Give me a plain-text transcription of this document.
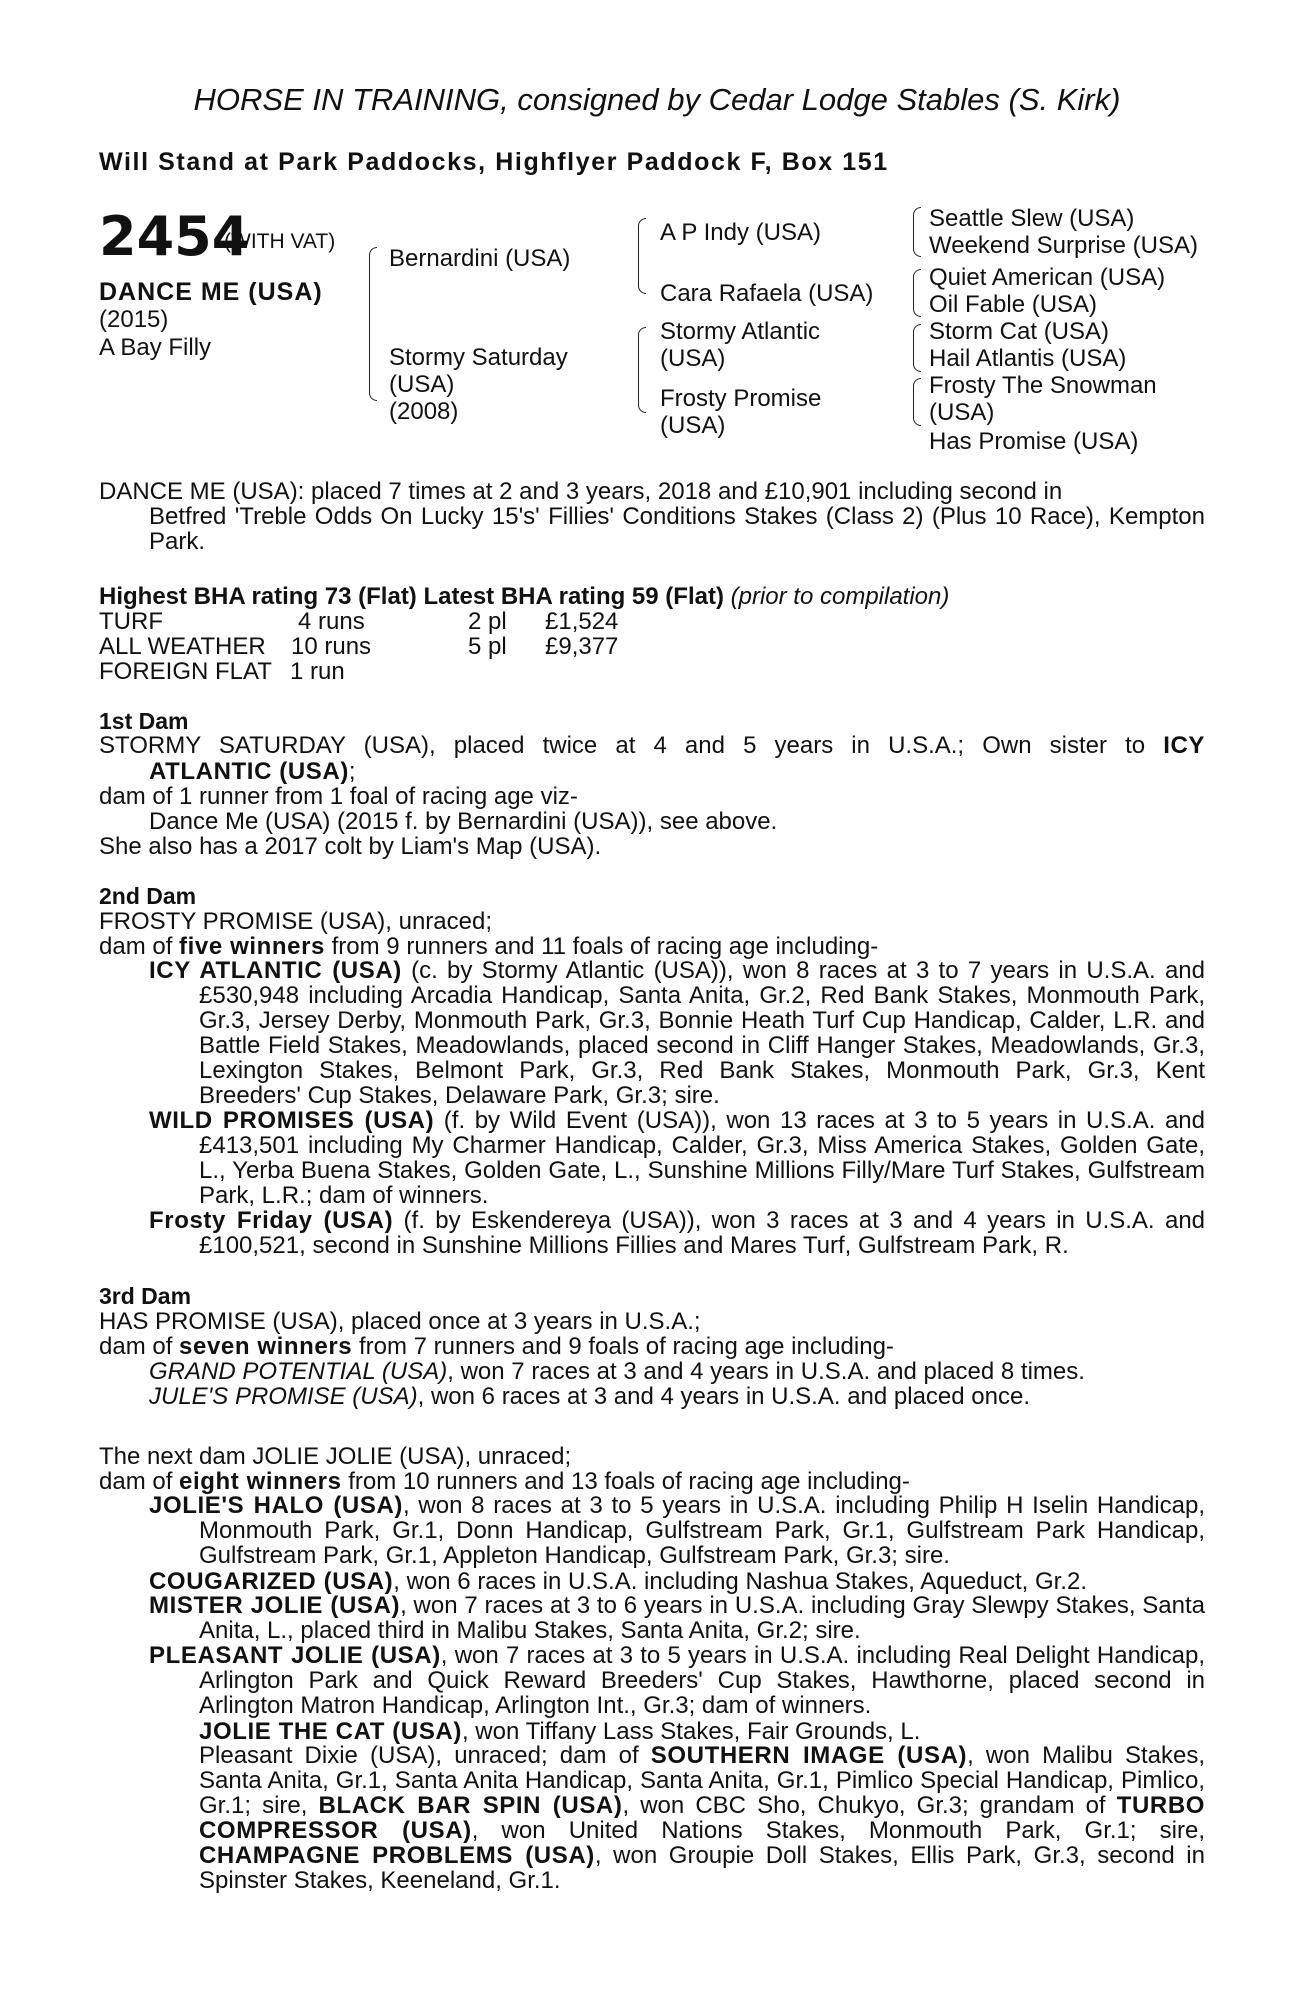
HORSE IN TRAINING, consigned by Cedar Lodge Stables (S. Kirk)
Will Stand at Park Paddocks, Highflyer Paddock F, Box 151
2454
(WITH VAT)
DANCE ME (USA)
(2015)
A Bay Filly
Bernardini (USA)
Stormy Saturday
(USA)
(2008)
A P Indy (USA)
Cara Rafaela (USA)
Stormy Atlantic
(USA)
Frosty Promise
(USA)
Seattle Slew (USA)
Weekend Surprise (USA)
Quiet American (USA)
Oil Fable (USA)
Storm Cat (USA)
Hail Atlantis (USA)
Frosty The Snowman
(USA)
Has Promise (USA)
DANCE ME (USA): placed 7 times at 2 and 3 years, 2018 and £10,901 including second in
Betfred 'Treble Odds On Lucky 15's' Fillies' Conditions Stakes (Class 2) (Plus 10 Race), Kempton Park.
Highest BHA rating 73 (Flat) Latest BHA rating 59 (Flat) (prior to compilation)
TURF	4 runs	2 pl £1,524
ALL WEATHER 10 runs	5 pl £9,377
FOREIGN FLAT 1 run
1st Dam
STORMY SATURDAY (USA), placed twice at 4 and 5 years in U.S.A.; Own sister to ICY
ATLANTIC (USA);
dam of 1 runner from 1 foal of racing age viz-
Dance Me (USA) (2015 f. by Bernardini (USA)), see above.
She also has a 2017 colt by Liam's Map (USA).
2nd Dam
FROSTY PROMISE (USA), unraced;
dam of five winners from 9 runners and 11 foals of racing age including-
ICY ATLANTIC (USA) (c. by Stormy Atlantic (USA)), won 8 races at 3 to 7 years in U.S.A. and £530,948 including Arcadia Handicap, Santa Anita, Gr.2, Red Bank Stakes, Monmouth Park, Gr.3, Jersey Derby, Monmouth Park, Gr.3, Bonnie Heath Turf Cup Handicap, Calder, L.R. and Battle Field Stakes, Meadowlands, placed second in Cliff Hanger Stakes, Meadowlands, Gr.3, Lexington Stakes, Belmont Park, Gr.3, Red Bank Stakes, Monmouth Park, Gr.3, Kent Breeders' Cup Stakes, Delaware Park, Gr.3; sire.
WILD PROMISES (USA) (f. by Wild Event (USA)), won 13 races at 3 to 5 years in U.S.A. and £413,501 including My Charmer Handicap, Calder, Gr.3, Miss America Stakes, Golden Gate, L., Yerba Buena Stakes, Golden Gate, L., Sunshine Millions Filly/Mare Turf Stakes, Gulfstream Park, L.R.; dam of winners.
Frosty Friday (USA) (f. by Eskendereya (USA)), won 3 races at 3 and 4 years in U.S.A. and £100,521, second in Sunshine Millions Fillies and Mares Turf, Gulfstream Park, R.
3rd Dam
HAS PROMISE (USA), placed once at 3 years in U.S.A.;
dam of seven winners from 7 runners and 9 foals of racing age including-
GRAND POTENTIAL (USA), won 7 races at 3 and 4 years in U.S.A. and placed 8 times.
JULE'S PROMISE (USA), won 6 races at 3 and 4 years in U.S.A. and placed once.
The next dam JOLIE JOLIE (USA), unraced;
dam of eight winners from 10 runners and 13 foals of racing age including-
JOLIE'S HALO (USA), won 8 races at 3 to 5 years in U.S.A. including Philip H Iselin Handicap, Monmouth Park, Gr.1, Donn Handicap, Gulfstream Park, Gr.1, Gulfstream Park Handicap, Gulfstream Park, Gr.1, Appleton Handicap, Gulfstream Park, Gr.3; sire.
COUGARIZED (USA), won 6 races in U.S.A. including Nashua Stakes, Aqueduct, Gr.2.
MISTER JOLIE (USA), won 7 races at 3 to 6 years in U.S.A. including Gray Slewpy Stakes, Santa Anita, L., placed third in Malibu Stakes, Santa Anita, Gr.2; sire.
PLEASANT JOLIE (USA), won 7 races at 3 to 5 years in U.S.A. including Real Delight Handicap, Arlington Park and Quick Reward Breeders' Cup Stakes, Hawthorne, placed second in Arlington Matron Handicap, Arlington Int., Gr.3; dam of winners.
JOLIE THE CAT (USA), won Tiffany Lass Stakes, Fair Grounds, L.
Pleasant Dixie (USA), unraced; dam of SOUTHERN IMAGE (USA), won Malibu Stakes, Santa Anita, Gr.1, Santa Anita Handicap, Santa Anita, Gr.1, Pimlico Special Handicap, Pimlico, Gr.1; sire, BLACK BAR SPIN (USA), won CBC Sho, Chukyo, Gr.3; grandam of TURBO COMPRESSOR (USA), won United Nations Stakes, Monmouth Park, Gr.1; sire, CHAMPAGNE PROBLEMS (USA), won Groupie Doll Stakes, Ellis Park, Gr.3, second in Spinster Stakes, Keeneland, Gr.1.
